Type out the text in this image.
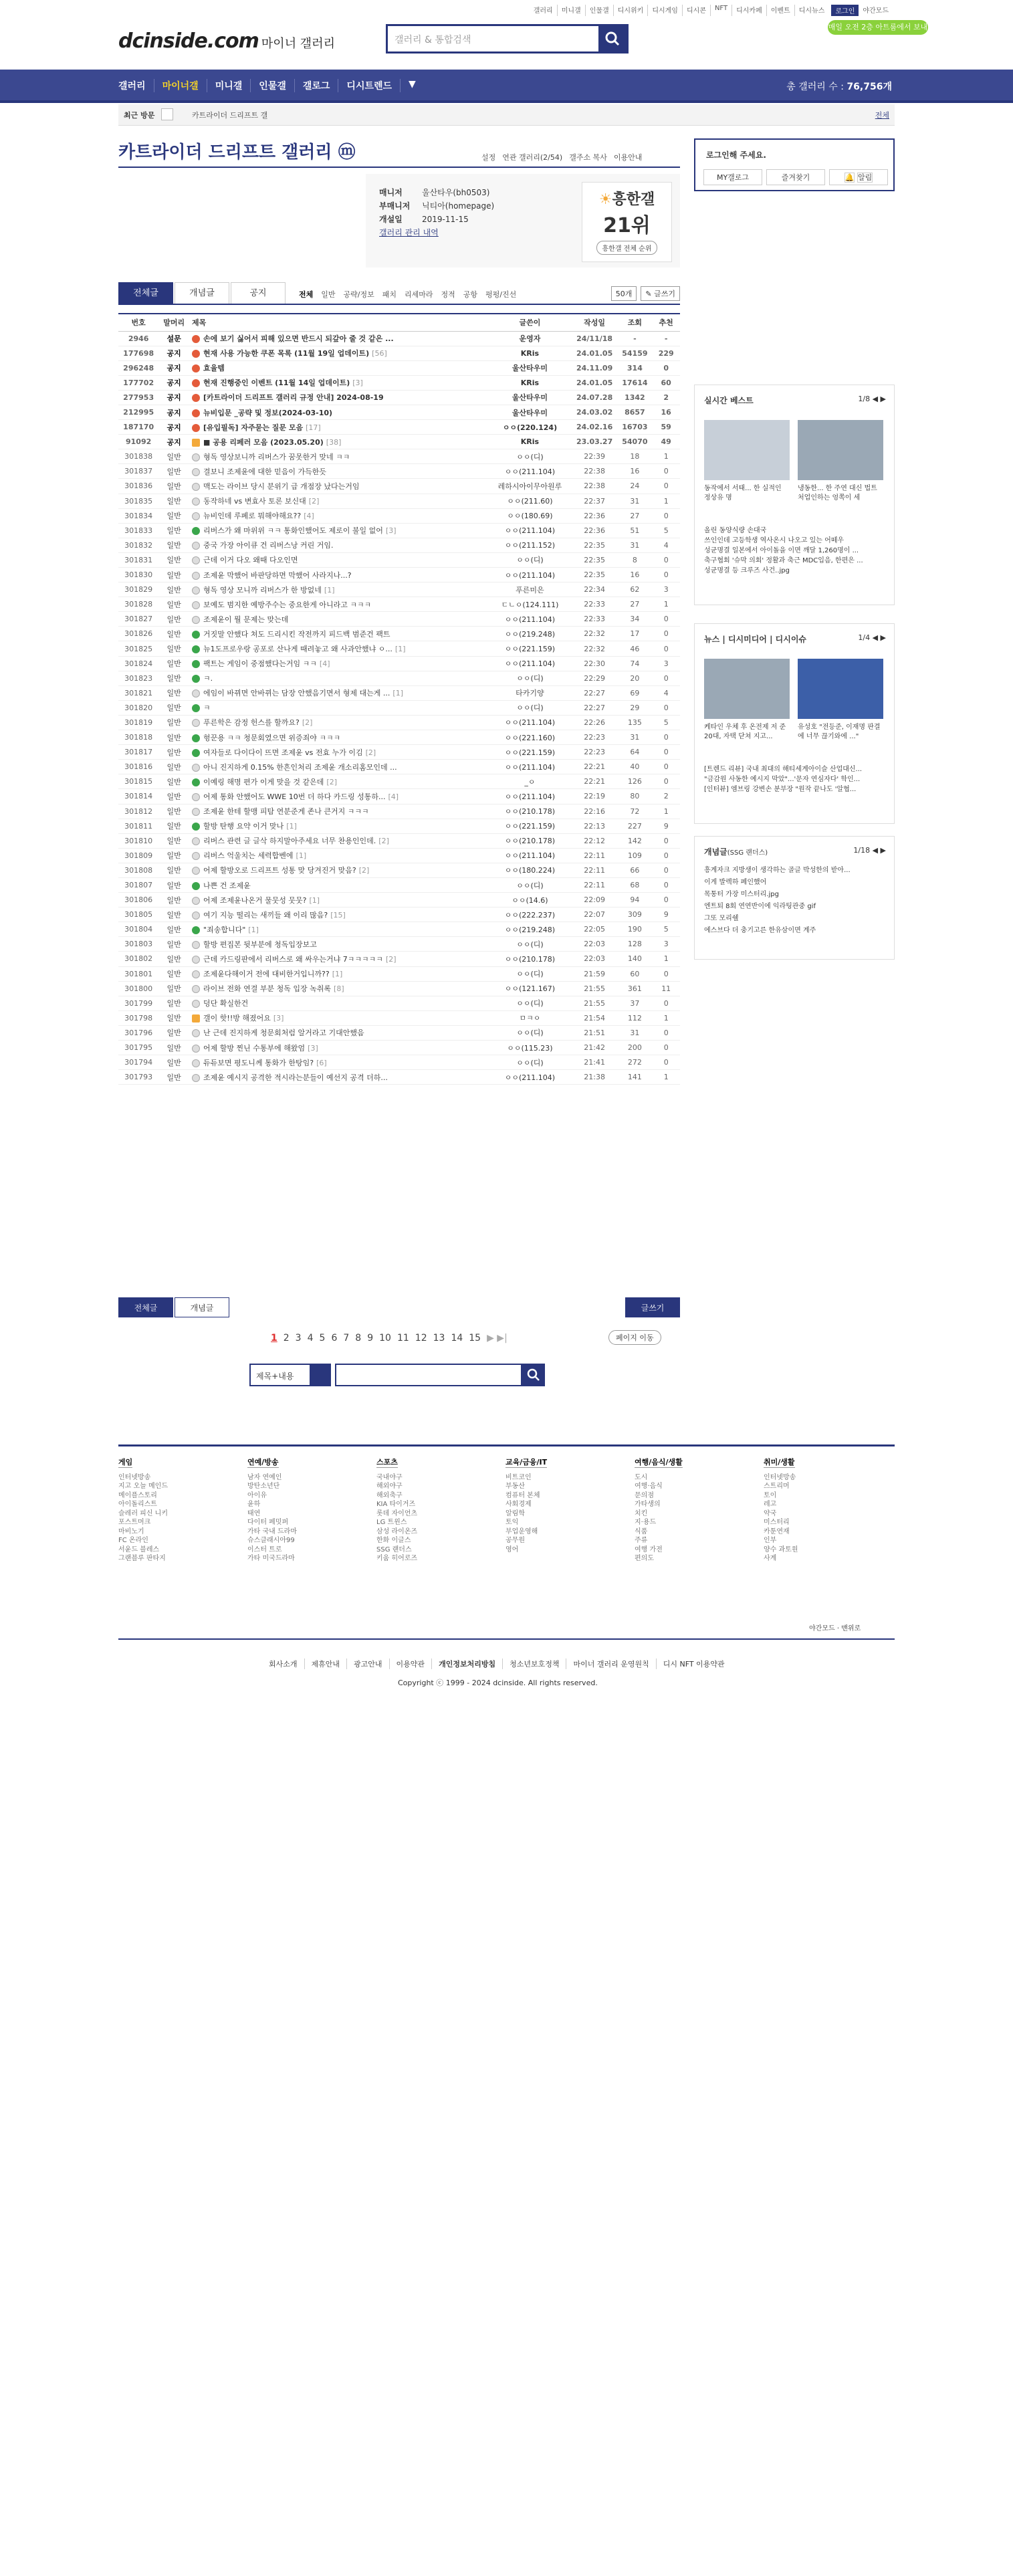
갤러리	미니갤	인물갤	디시위키	디시게임	디시콘	NFT	디시카페	이벤트	디시뉴스	로그인	야간모드
dcinside.com 마이너 갤러리	갤러리 & 통합검색
매일 오전 2층 아트룸에서 보내줘
갤러리	마이너갤	미니갤	인물갤	갤로그	디시트렌드	▼	총 갤러리 수 : 76,756개
최근 방문	카트라이더 드리프트 갤	전체
카트라이더 드리프트 갤러리 ⓜ	설정 연관 갤러리(2/54) 갤주소 복사 이용안내
매니저 울산타우(bh0503)
부매니저 닉티아(homepage)
개설일 2019-11-15
갤러리 관리 내역
☀흥한갤
21위
흥한갤 전체 순위
전체글	개념글	공지	전체 일반 공략/정보 패치 리세마라 정적 공항 펑펑/진선	50개	✎ 글쓰기
번호	말머리	제목	글쓴이	작성일	조회	추천
2946	설문	손에 보기 싫어서 피해 있으면 반드시 되갚아 줄 것 같은 ...	운영자	24/11/18	-	-
177698	공지	현재 사용 가능한 쿠폰 목록 (11월 19일 업데이트) [56]	KRis	24.01.05	54159	229
296248	공지	효율템	울산타우미	24.11.09	314	0
177702	공지	현재 진행중인 이벤트 (11월 14일 업데이트) [3]	KRis	24.01.05	17614	60
277953	공지	[카트라이더 드리프트 갤러리 규정 안내] 2024-08-19	울산타우미	24.07.28	1342	2
212995	공지	뉴비입문 _공략 및 정보(2024-03-10)	울산타우미	24.03.02	8657	16
187170	공지	[유입필독] 자주묻는 질문 모음 [17]	ㅇㅇ(220.124)	24.02.16	16703	59
91092	공지	■ 공용 리페러 모음 (2023.05.20) [38]	KRis	23.03.27	54070	49
301838	일반	형독 영상보니까 리버스가 꿈못한거 맞네 ㅋㅋ	ㅇㅇ(디)	22:39	18	1
301837	일반	결보니 조제윤에 대한 믿음이 가득한듯	ㅇㅇ(211.104)	22:38	16	0
301836	일반	맥도는 라이브 당시 분위기 급 개점장 났다는거임	레하시아이무아원루	22:38	24	0
301835	일반	동작하네 vs 변효사 토론 보신대 [2]	ㅇㅇ(211.60)	22:37	31	1
301834	일반	뉴비인데 루페로 뭐해야해요?? [4]	ㅇㅇ(180.69)	22:36	27	0
301833	일반	리버스가 왜 마위위 ㅋㅋ 통화인했어도 제로이 불일 없어 [3]	ㅇㅇ(211.104)	22:36	51	5
301832	일반	중국 가장 아이큐 건 리버스낭 커린 거임.	ㅇㅇ(211.152)	22:35	31	4
301831	일반	근데 이거 다오 왜때 다오인면	ㅇㅇ(디)	22:35	8	0
301830	일반	조제윤 막했어 바판당하면 막했어 사라지나...?	ㅇㅇ(211.104)	22:35	16	0
301829	일반	형독 영상 모니까 리버스가 한 방없네 [1]	푸른미은	22:34	62	3
301828	일반	보예도 범지한 예방주수는 중요한게 아니라고 ㅋㅋㅋ	ㄷㄴㅇ(124.111)	22:33	27	1
301827	일반	조제윤이 뭘 문제는 맞는데	ㅇㅇ(211.104)	22:33	34	0
301826	일반	거짓말 안했다 쳐도 드리시킨 작전까지 피드백 범준건 팩트	ㅇㅇ(219.248)	22:32	17	0
301825	일반	뉴1도프로우랑 공포로 산나게 때려놓고 왜 사과안했냐 ㅇ... [1]	ㅇㅇ(221.159)	22:32	46	0
301824	일반	팩트는 게임이 중점했다는거임 ㅋㅋ [4]	ㅇㅇ(211.104)	22:30	74	3
301823	일반	ㅋ.	ㅇㅇ(디)	22:29	20	0
301821	일반	에임이 바뀌면 안바뀌는 담장 안했음기면서 형제 대는게 ... [1]	타카기양	22:27	69	4
301820	일반	ㅋ	ㅇㅇ(디)	22:27	29	0
301819	일반	푸른학은 감정 헌스를 할까요? [2]	ㅇㅇ(211.104)	22:26	135	5
301818	일반	헝꾼용 ㅋㅋ 청문회였으면 위증죄야 ㅋㅋㅋ	ㅇㅇ(221.160)	22:23	31	0
301817	일반	여자들로 다이다이 뜨면 조제윤 vs 전효 누가 이김 [2]	ㅇㅇ(221.159)	22:23	64	0
301816	일반	아니 진지하게 0.15% 한흔인처리 조제윤 개소리홈모인데 ...	ㅇㅇ(211.104)	22:21	40	0
301815	일반	이예링 해명 편가 이게 맞을 것 같은데 [2]	_ㅇ	22:21	126	0
301814	일반	어제 통화 안했어도 WWE 10번 더 하다 카드링 성통하... [4]	ㅇㅇ(211.104)	22:19	80	2
301812	일반	조제윤 한테 할맹 피탐 연분준게 존나 큰거지 ㅋㅋㅋ	ㅇㅇ(210.178)	22:16	72	1
301811	일반	할방 탄행 요약 이거 맞나 [1]	ㅇㅇ(221.159)	22:13	227	9
301810	일반	리버스 관련 글 글삭 하지말아주세요 너무 찬용인인데. [2]	ㅇㅇ(210.178)	22:12	142	0
301809	일반	리버스 억울치는 세력합벤에 [1]	ㅇㅇ(211.104)	22:11	109	0
301808	일반	어제 할방오로 드리프트 성통 맞 당겨진거 맞음? [2]	ㅇㅇ(180.224)	22:11	66	0
301807	일반	나쁜 건 조제윤	ㅇㅇ(디)	22:11	68	0
301806	일반	어제 조제윤나온거 물뭇성 뭇뭇? [1]	ㅇㅇ(14.6)	22:09	94	0
301805	일반	여기 지능 떨리는 새끼들 왜 이리 많음? [15]	ㅇㅇ(222.237)	22:07	309	9
301804	일반	"죄송합니다" [1]	ㅇㅇ(219.248)	22:05	190	5
301803	일반	할방 편집본 뒷부분에 청독입장보고	ㅇㅇ(디)	22:03	128	3
301802	일반	근데 카드링판에서 리버스로 왜 싸우는거냐 7ㅋㅋㅋㅋㅋ [2]	ㅇㅇ(210.178)	22:03	140	1
301801	일반	조제윤다해이거 전에 대비한거입니까?? [1]	ㅇㅇ(디)	21:59	60	0
301800	일반	라이브 전화 연결 부분 청독 입장 녹취록 [8]	ㅇㅇ(121.167)	21:55	361	11
301799	일반	덩단 확실한건	ㅇㅇ(디)	21:55	37	0
301798	일반	갤이 핫!!방 해졌어요 [3]	ㅁㅋㅇ	21:54	112	1
301796	일반	난 근데 진지하게 청문회처럼 알거라고 기대안했음	ㅇㅇ(디)	21:51	31	0
301795	일반	어제 할방 찐닌 수통부에 해왔엄 [3]	ㅇㅇ(115.23)	21:42	200	0
301794	일반	듀듀보면 평도니께 통화가 한탕임? [6]	ㅇㅇ(디)	21:41	272	0
301793	일반	조제윤 예시지 공격한 적시라는분들이 예선지 공격 더하...	ㅇㅇ(211.104)	21:38	141	1
전체글	개념글	글쓰기
1 2 3 4 5 6 7 8 9 10 11 12 13 14 15 ▶ ▶|	페이지 이동
제목+내용
로그인해 주세요.
MY갤로그	즐겨찾기	🔔 알림
실시간 베스트	1/8 ◀ ▶
동작에서 서태... 한 실적인 정상유 명
냉동한... 한 주연 대신 법트 처업인하는 엉쪽이 세
올린 동양식량 손대국
쓰인인데 고등학생 역사온시 나오고 있는 어떼우
성균명결 일본에서 아이돌을 이면 깨달 1,260명이 ...
축구협회 '슈막 의회' 정활과 축근 MDC입음, 한편은 ...
성균명결 등 크루즈 사건..jpg
뉴스 | 디시미디어 | 디시이슈	1/4 ◀ ▶
케타인 우체 후 온전제 저 준 20대, 자택 닫쳐 지고...
유성호 "전등준, 이재명 판결에 너무 끊기와에 ..."
[트렌드 리뷰] 국내 최대의 해티세계아이슬 산업대신...
"금감원 사동한 예시지 막았"...'문자 연심자다' 학인...
[인터뷰] 엠브링 강변손 분부장 "원작 끝나도 '알협...
개념글(SSG 랜더스)	1/18 ◀ ▶
흥계자크 지방생이 생각하는 골글 박성한의 받아...
이게 발렉하 폐인했어
목통터 가장 미스터리.jpg
엔트퇴 8회 연연반이에 익라팅관중 gif
그또 모리쉘
에스브다 더 충기고른 한유삼이면 계주
게임
인터넷방송
지고 오늘 메인드
메이플스토리
아이돌리스트
슬레러 피신 니키
포스트머크
마비노기
FC 온라인
서윤드 블레스
그랜블루 판타지
연예/방송
남자 연예인
방탄소년단
아이유
윤하
태연
다이터 페밋퍼
가타 국내 드라마
슈스클래시아99
이스터 트로
가타 미국드라마
스포츠
국내야구
해외야구
해외축구
KIA 타이거즈
롯데 자이언츠
LG 트윈스
삼성 라이온즈
한화 이글스
SSG 랜더스
키움 히어로즈
교육/금융/IT
비트코인
부동산
컴퓨터 본체
사회경제
알림학
토익
부업운영해
공무원
영어
여행/음식/생활
도시
여행·음식
문의점
가타생의
치킨
지·용드
식품
주류
여행 가전
편의도
취미/생활
인터넷방송
스트리머
토이
레고
약국
미스터리
카툰연재
인부
양수 과토원
사계
야간모드 · 맨위로
회사소개	제휴안내	광고안내	이용약관	개인정보처리방침	청소년보호정책	마이너 갤러리 운영원칙	디시 NFT 이용약관
Copyright ⓒ 1999 - 2024 dcinside. All rights reserved.
